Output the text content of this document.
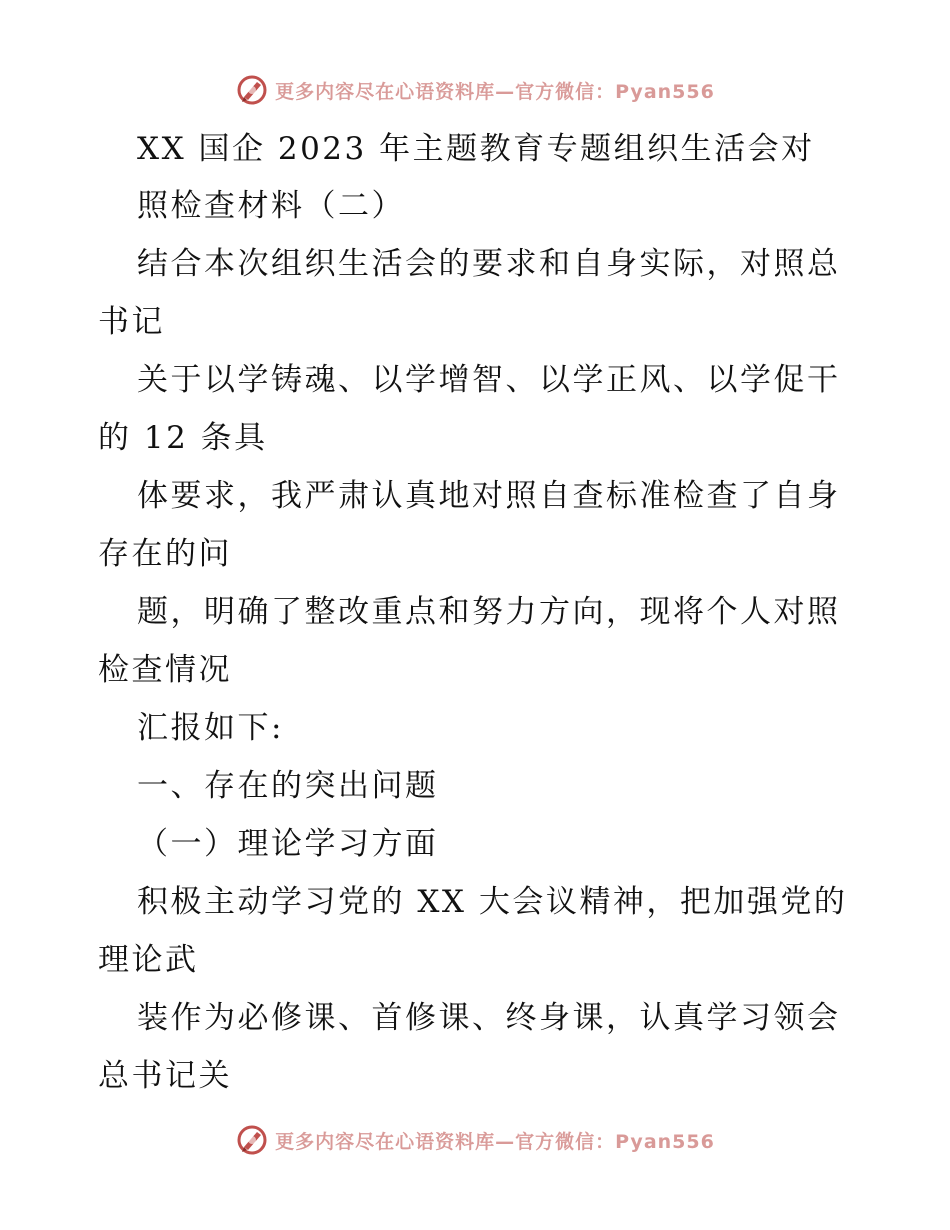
更多内容尽在心语资料库—官方微信：Pyan556
XX 国企 2023 年主题教育专题组织生活会对
照检查材料（二）
结合本次组织生活会的要求和自身实际，对照总
书记
关于以学铸魂、以学增智、以学正风、以学促干
的 12 条具
体要求，我严肃认真地对照自查标准检查了自身
存在的问
题，明确了整改重点和努力方向，现将个人对照
检查情况
汇报如下:
一、存在的突出问题
（一）理论学习方面
积极主动学习党的 XX 大会议精神，把加强党的
理论武
装作为必修课、首修课、终身课，认真学习领会
总书记关
更多内容尽在心语资料库—官方微信：Pyan556
